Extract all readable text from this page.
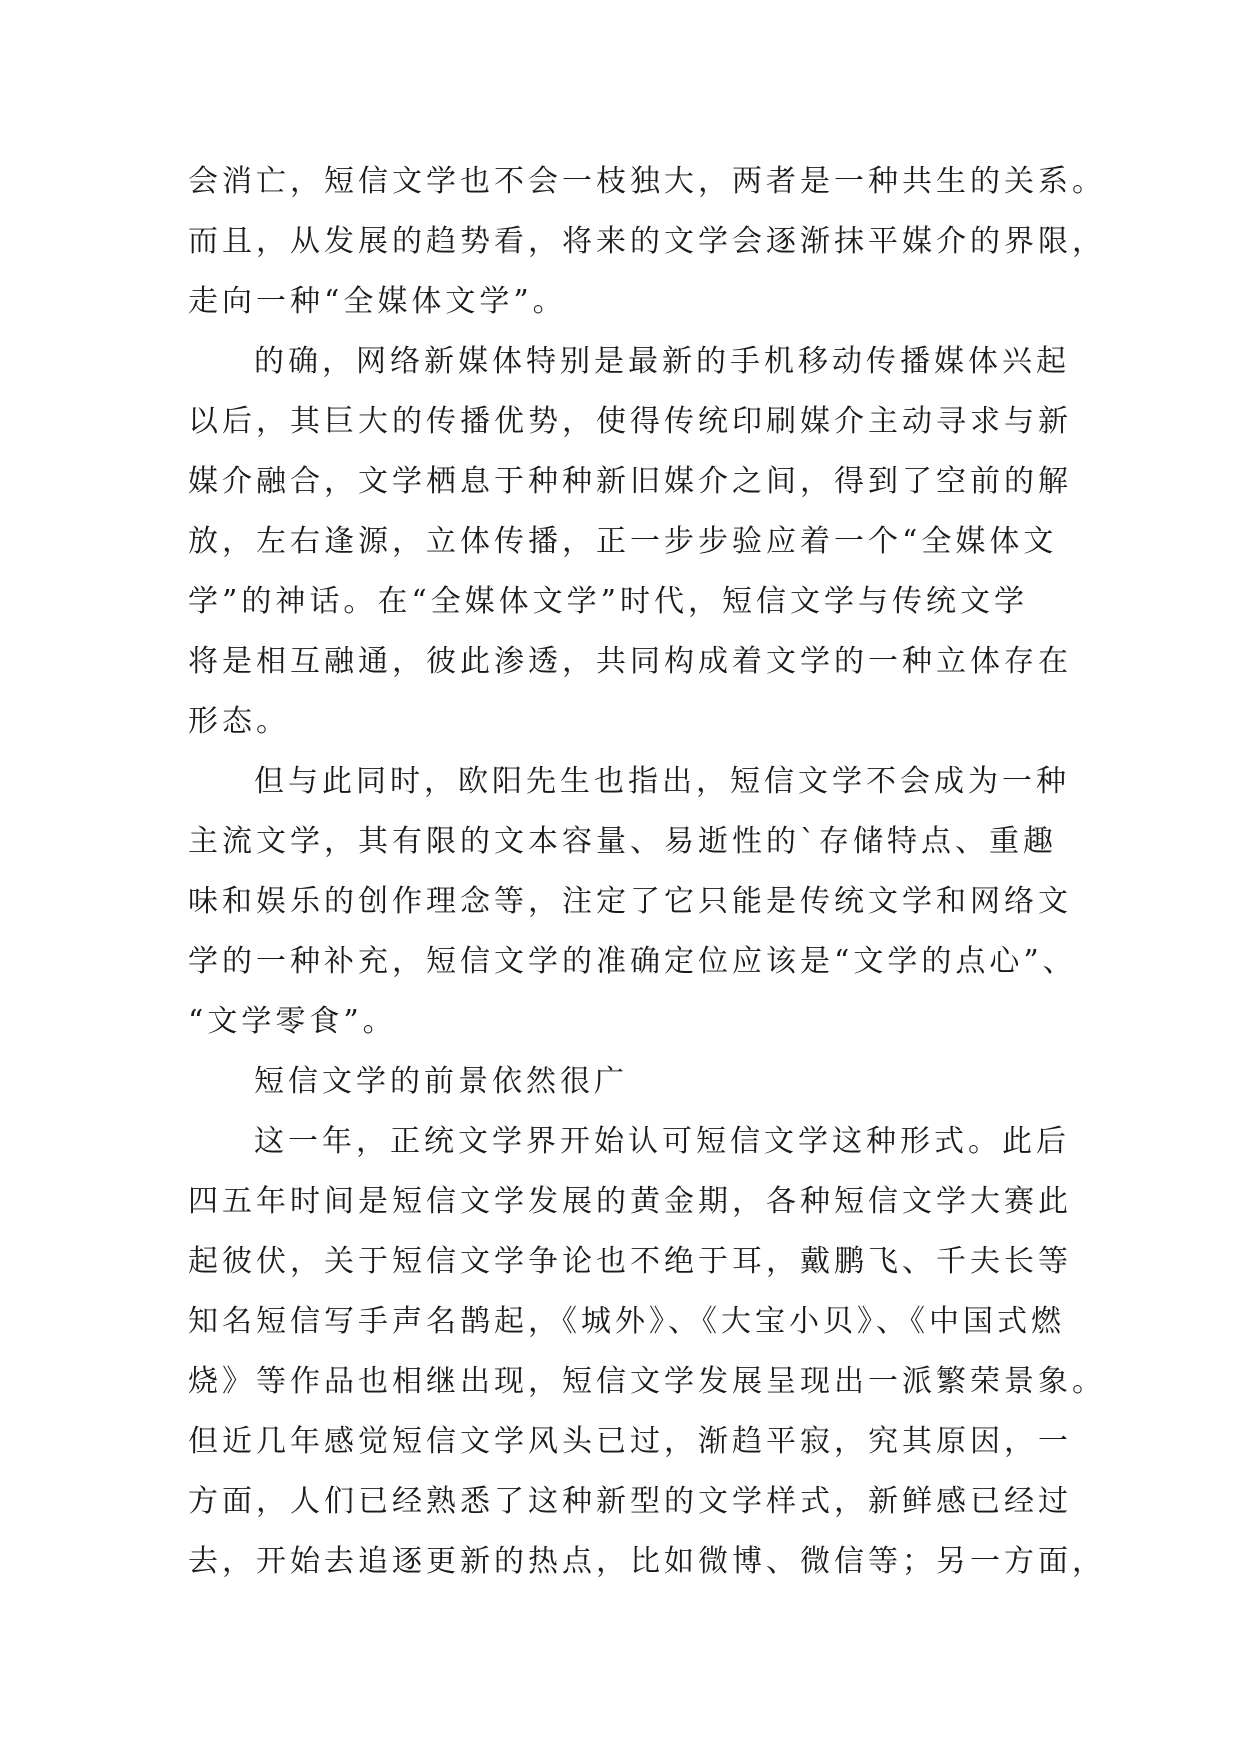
会消亡，短信文学也不会一枝独大，两者是一种共生的关系。
而且，从发展的趋势看，将来的文学会逐渐抹平媒介的界限，
走向一种“全媒体文学”。
的确，网络新媒体特别是最新的手机移动传播媒体兴起
以后，其巨大的传播优势，使得传统印刷媒介主动寻求与新
媒介融合，文学栖息于种种新旧媒介之间，得到了空前的解
放，左右逢源，立体传播，正一步步验应着一个“全媒体文
学”的神话。在“全媒体文学”时代，短信文学与传统文学
将是相互融通，彼此渗透，共同构成着文学的一种立体存在
形态。
但与此同时，欧阳先生也指出，短信文学不会成为一种
主流文学，其有限的文本容量、易逝性的`存储特点、重趣
味和娱乐的创作理念等，注定了它只能是传统文学和网络文
学的一种补充，短信文学的准确定位应该是“文学的点心”、
“文学零食”。
短信文学的前景依然很广
这一年，正统文学界开始认可短信文学这种形式。此后
四五年时间是短信文学发展的黄金期，各种短信文学大赛此
起彼伏，关于短信文学争论也不绝于耳，戴鹏飞、千夫长等
知名短信写手声名鹊起，《城外》、《大宝小贝》、《中国式燃
烧》等作品也相继出现，短信文学发展呈现出一派繁荣景象。
但近几年感觉短信文学风头已过，渐趋平寂，究其原因，一
方面，人们已经熟悉了这种新型的文学样式，新鲜感已经过
去，开始去追逐更新的热点，比如微博、微信等；另一方面，
